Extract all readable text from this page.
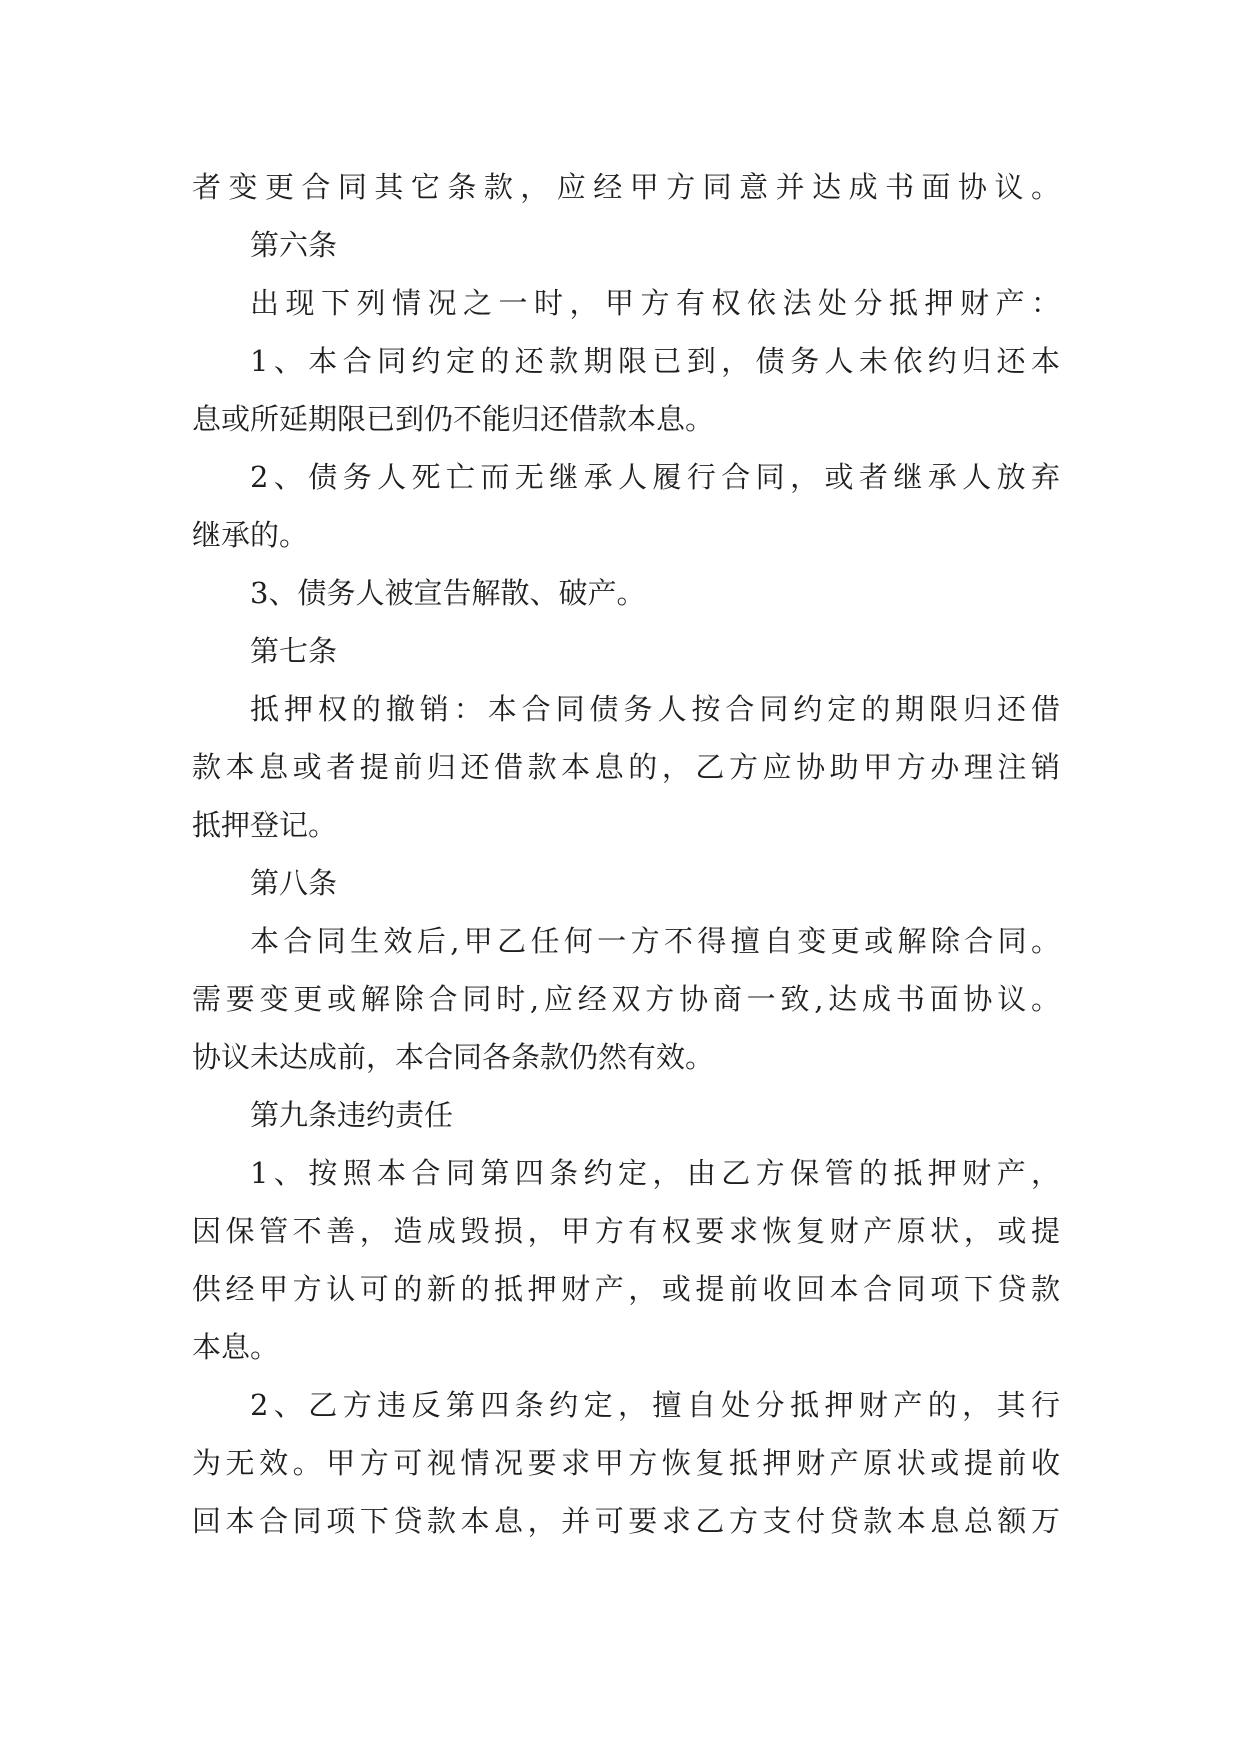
者变更合同其它条款，应经甲方同意并达成书面协议。
第六条
出现下列情况之一时，甲方有权依法处分抵押财产：
1、本合同约定的还款期限已到，债务人未依约归还本
息或所延期限已到仍不能归还借款本息。
2、债务人死亡而无继承人履行合同，或者继承人放弃
继承的。
3、债务人被宣告解散、破产。
第七条
抵押权的撤销：本合同债务人按合同约定的期限归还借
款本息或者提前归还借款本息的，乙方应协助甲方办理注销
抵押登记。
第八条
本合同生效后,甲乙任何一方不得擅自变更或解除合同。
需要变更或解除合同时,应经双方协商一致,达成书面协议。
协议未达成前，本合同各条款仍然有效。
第九条违约责任
1、按照本合同第四条约定，由乙方保管的抵押财产，
因保管不善，造成毁损，甲方有权要求恢复财产原状，或提
供经甲方认可的新的抵押财产，或提前收回本合同项下贷款
本息。
2、乙方违反第四条约定，擅自处分抵押财产的，其行
为无效。甲方可视情况要求甲方恢复抵押财产原状或提前收
回本合同项下贷款本息，并可要求乙方支付贷款本息总额万
